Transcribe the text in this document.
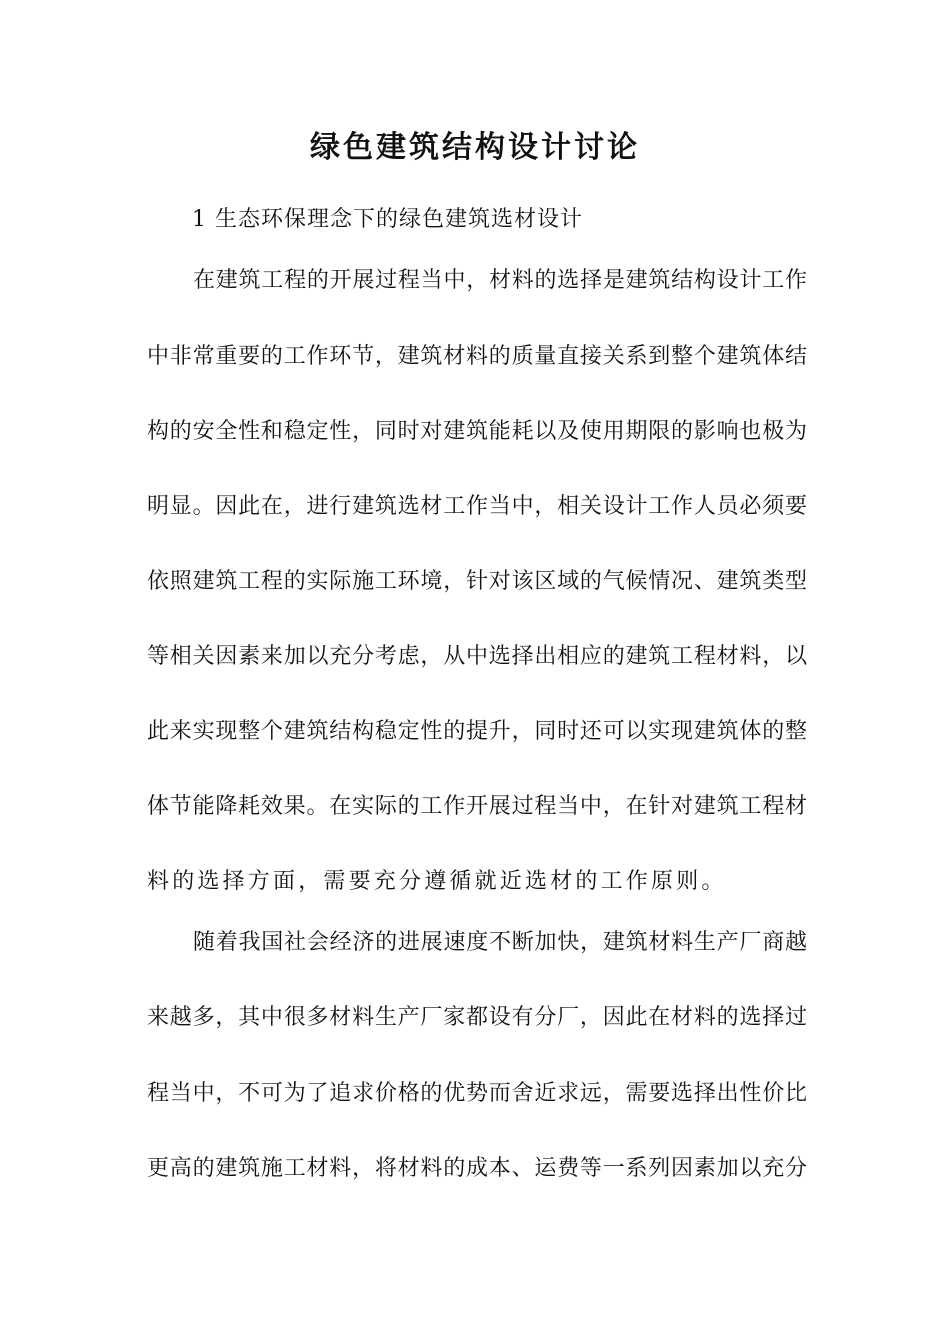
绿色建筑结构设计讨论

1 生态环保理念下的绿色建筑选材设计

在建筑工程的开展过程当中，材料的选择是建筑结构设计工作

中非常重要的工作环节，建筑材料的质量直接关系到整个建筑体结

构的安全性和稳定性，同时对建筑能耗以及使用期限的影响也极为

明显。因此在，进行建筑选材工作当中，相关设计工作人员必须要

依照建筑工程的实际施工环境，针对该区域的气候情况、建筑类型

等相关因素来加以充分考虑，从中选择出相应的建筑工程材料，以

此来实现整个建筑结构稳定性的提升，同时还可以实现建筑体的整

体节能降耗效果。在实际的工作开展过程当中，在针对建筑工程材

料的选择方面，需要充分遵循就近选材的工作原则。

随着我国社会经济的进展速度不断加快，建筑材料生产厂商越

来越多，其中很多材料生产厂家都设有分厂，因此在材料的选择过

程当中，不可为了追求价格的优势而舍近求远，需要选择出性价比

更高的建筑施工材料，将材料的成本、运费等一系列因素加以充分
